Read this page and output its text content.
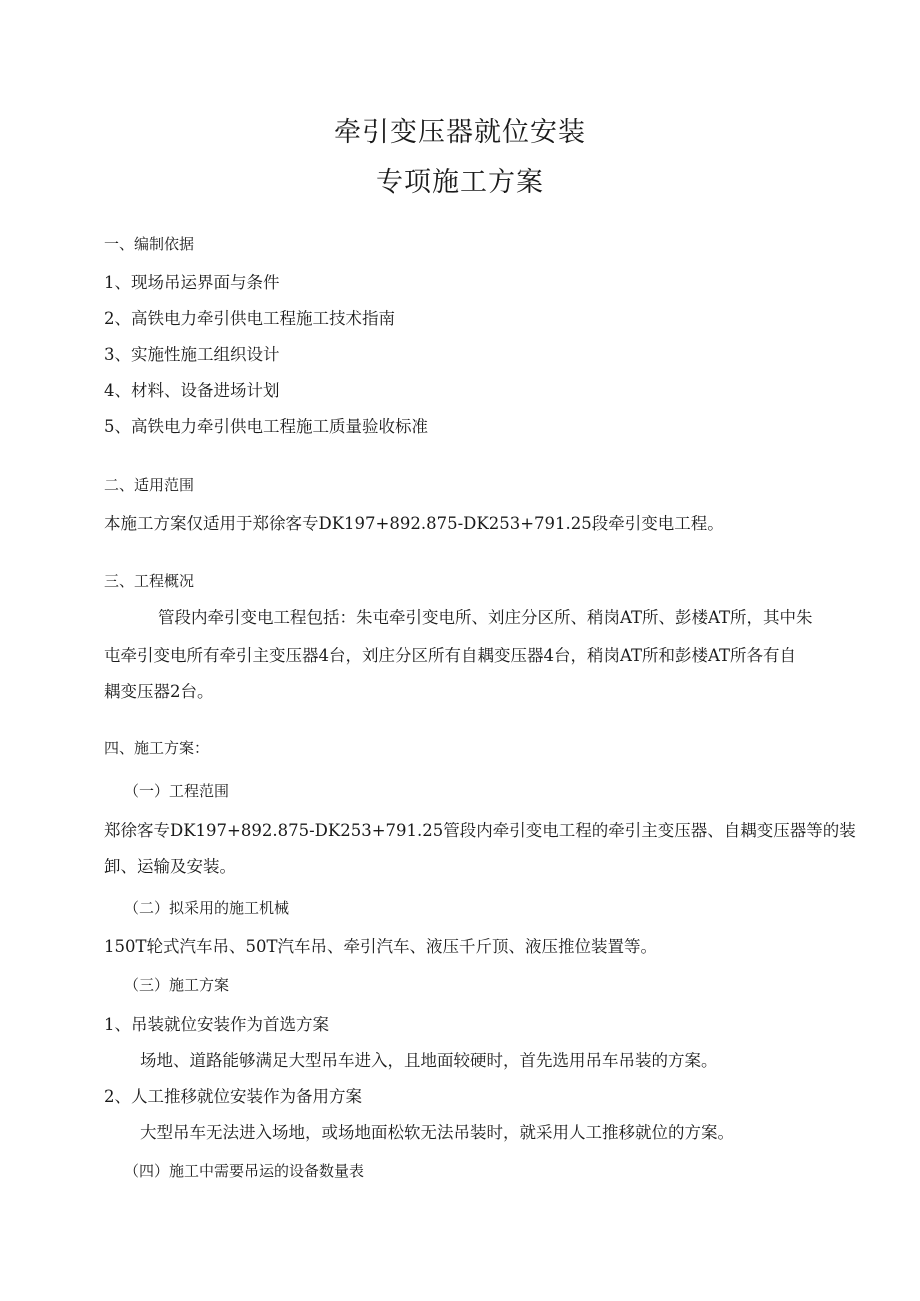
牵引变压器就位安装
专项施工方案
一、编制依据
1、现场吊运界面与条件
2、高铁电力牵引供电工程施工技术指南
3、实施性施工组织设计
4、材料、设备进场计划
5、高铁电力牵引供电工程施工质量验收标准
二、适用范围
本施工方案仅适用于郑徐客专DK197+892.875-DK253+791.25段牵引变电工程。
三、工程概况
管段内牵引变电工程包括：朱屯牵引变电所、刘庄分区所、稍岗AT所、彭楼AT所，其中朱
屯牵引变电所有牵引主变压器4台，刘庄分区所有自耦变压器4台，稍岗AT所和彭楼AT所各有自
耦变压器2台。
四、施工方案：
（一）工程范围
郑徐客专DK197+892.875-DK253+791.25管段内牵引变电工程的牵引主变压器、自耦变压器等的装
卸、运输及安装。
（二）拟采用的施工机械
150T轮式汽车吊、50T汽车吊、牵引汽车、液压千斤顶、液压推位装置等。
（三）施工方案
1、吊装就位安装作为首选方案
场地、道路能够满足大型吊车进入，且地面较硬时，首先选用吊车吊装的方案。
2、人工推移就位安装作为备用方案
大型吊车无法进入场地，或场地面松软无法吊装时，就采用人工推移就位的方案。
（四）施工中需要吊运的设备数量表
